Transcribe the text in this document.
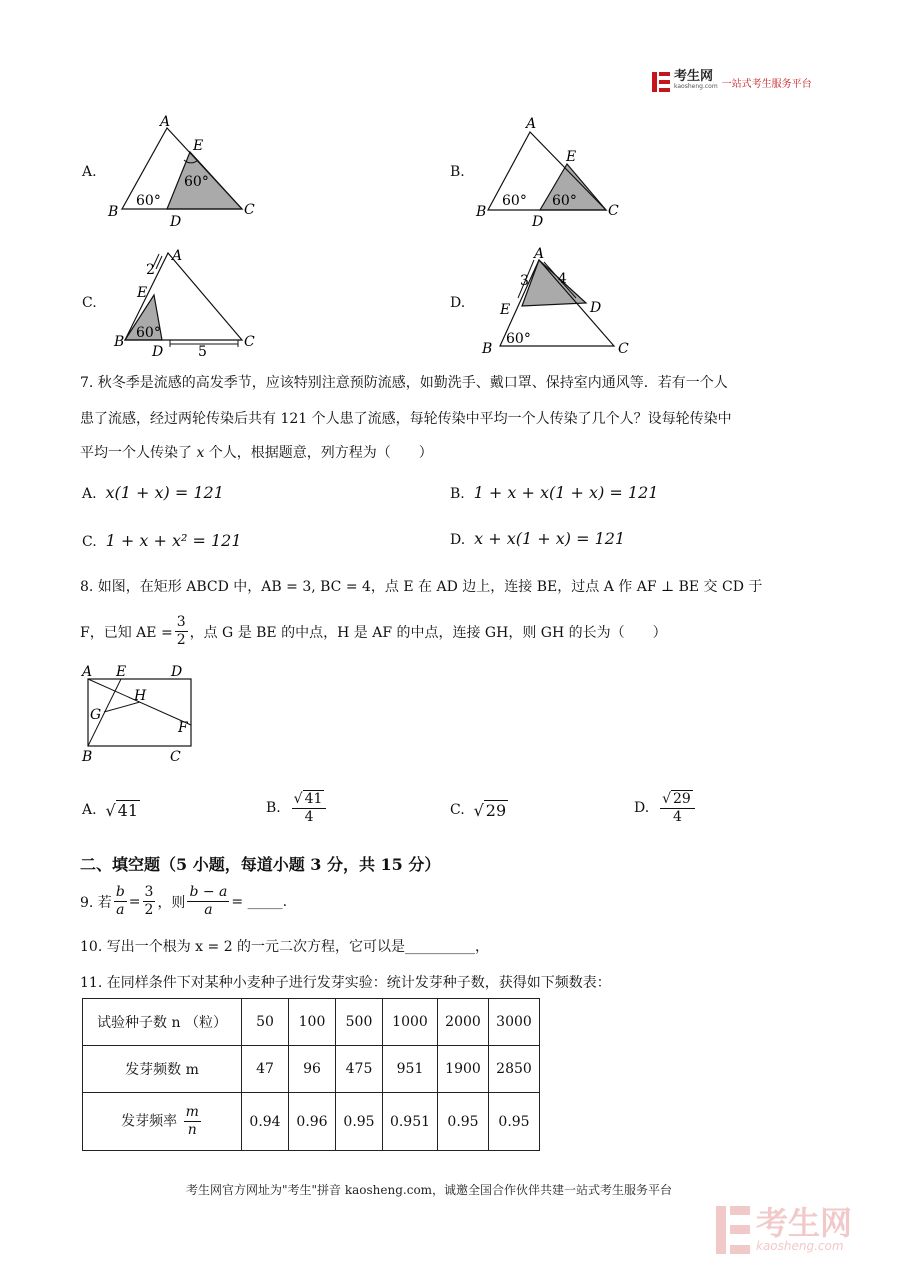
考生网
kaosheng.com 一站式考生服务平台
A.
A
E
B
D
C
60°
60°
B.
A
E
B
D
C
60° 60°
C.
A
E
B
D
C
60°
2
5
D.
A
E	D
B	C
60°
3 4
7. 秋冬季是流感的高发季节，应该特别注意预防流感，如勤洗手、戴口罩、保持室内通风等．若有一个人
患了流感，经过两轮传染后共有 121 个人患了流感，每轮传染中平均一个人传染了几个人？设每轮传染中
平均一个人传染了 x 个人，根据题意，列方程为（　　）
A. x(1 + x) = 121	B. 1 + x + x(1 + x) = 121
C. 1 + x + x² = 121	D. x + x(1 + x) = 121
8. 如图，在矩形 ABCD 中，AB = 3, BC = 4，点 E 在 AD 边上，连接 BE，过点 A 作 AF ⊥ BE 交 CD 于
F，已知 AE = $\frac{3}{2}$ ，点 G 是 BE 的中点，H 是 AF 的中点，连接 GH，则 GH 的长为（　　）
A E	D
H
G
F
B	C
A.
√ 41	B.
$\frac{√ 41}{4}$	C.
√ 29	D.
$\frac{√ 29}{4}$
二、填空题（5 小题，每道小题 3 分，共 15 分）
9. 若 $\frac{b}{a} = \frac{3}{2}$ ，则 $\frac{b - a}{a}$ = _____.
10. 写出一个根为 x = 2 的一元二次方程，它可以是__________，
11. 在同样条件下对某种小麦种子进行发芽实验：统计发芽种子数，获得如下频数表：
试验种子数 n （粒）	50	100	500	1000	2000	3000
发芽频数 m	47	96	475	951	1900	2850
发芽频率 $\frac{m}{n}$	0.94	0.96	0.95	0.951	0.95	0.95
考生网官方网址为"考生"拼音 kaosheng.com，诚邀全国合作伙伴共建一站式考生服务平台
考生网
kaosheng.com
